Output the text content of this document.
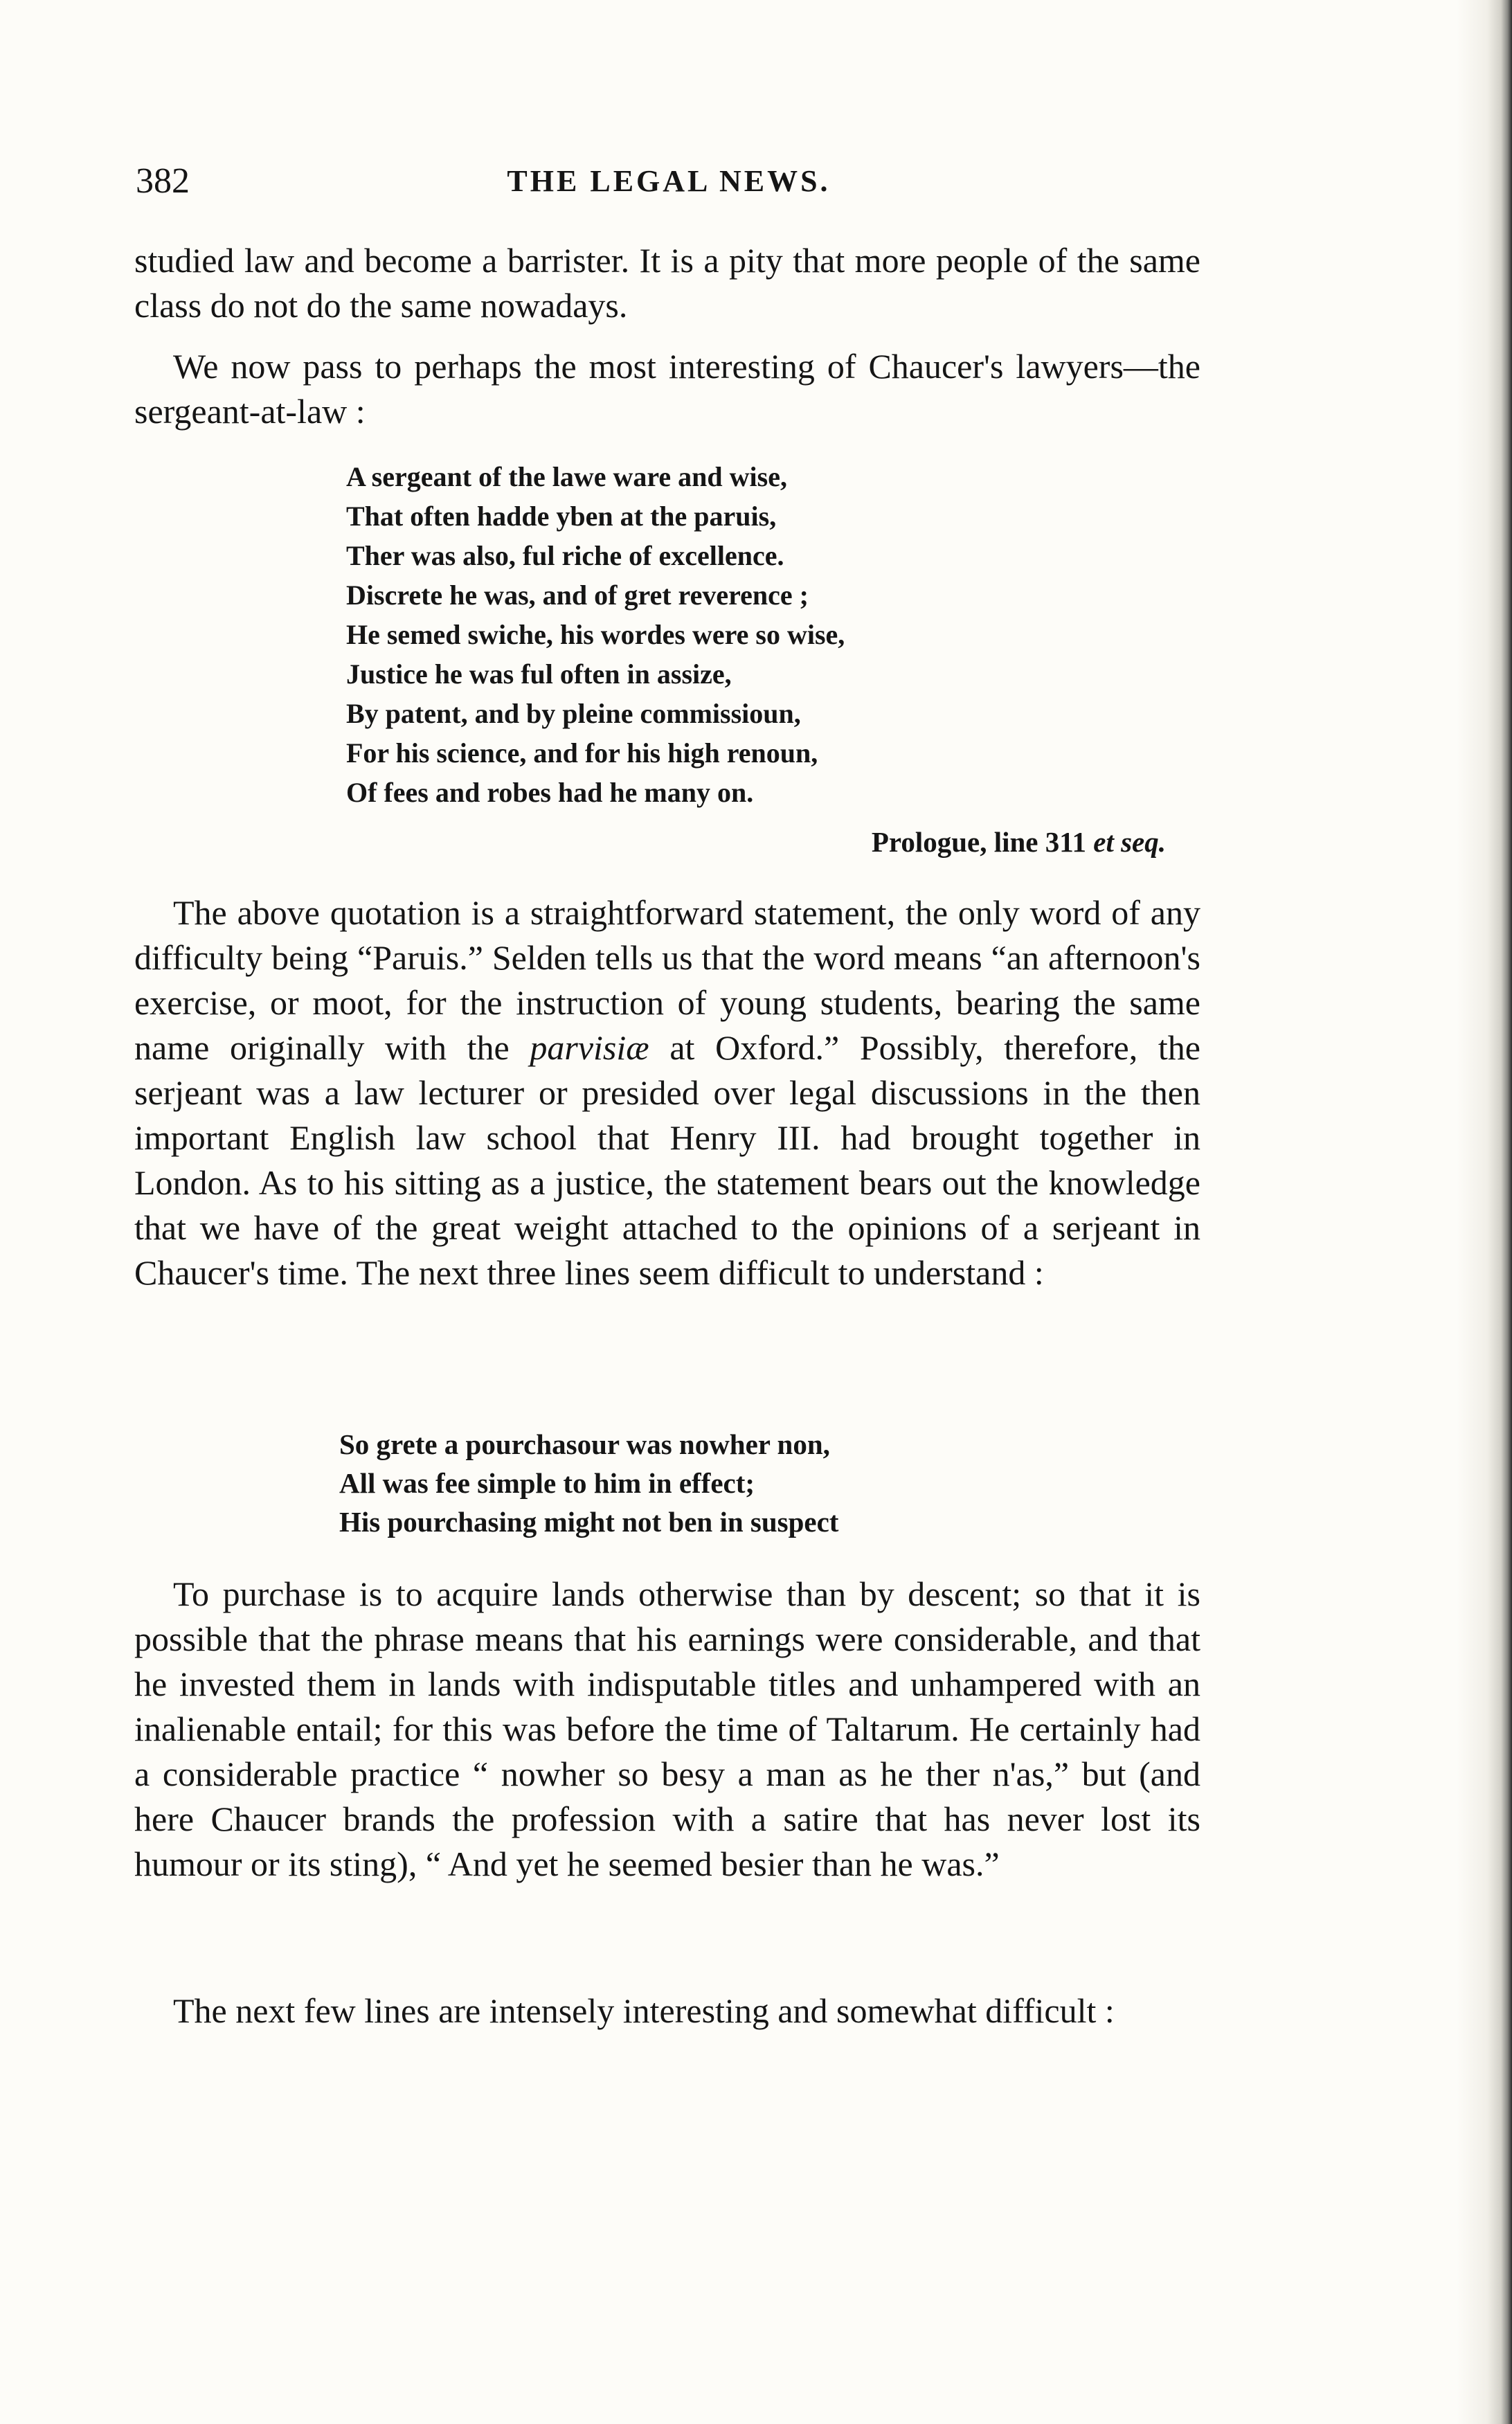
382	THE LEGAL NEWS.

studied law and become a barrister. It is a pity that more people of the same class do not do the same nowadays.

We now pass to perhaps the most interesting of Chaucer's lawyers—the sergeant-at-law :

A sergeant of the lawe ware and wise,
That often hadde yben at the paruis,
Ther was also, ful riche of excellence.
Discrete he was, and of gret reverence ;
He semed swiche, his wordes were so wise,
Justice he was ful often in assize,
By patent, and by pleine commissioun,
For his science, and for his high renoun,
Of fees and robes had he many on.
Prologue, line 311 et seq.

The above quotation is a straightforward statement, the only word of any difficulty being “Paruis.” Selden tells us that the word means “an afternoon's exercise, or moot, for the instruction of young students, bearing the same name originally with the parvisiæ at Oxford.” Possibly, therefore, the serjeant was a law lecturer or presided over legal discussions in the then important English law school that Henry III. had brought together in London. As to his sitting as a justice, the statement bears out the knowledge that we have of the great weight attached to the opinions of a serjeant in Chaucer's time. The next three lines seem difficult to understand :

So grete a pourchasour was nowher non,
All was fee simple to him in effect;
His pourchasing might not ben in suspect

To purchase is to acquire lands otherwise than by descent; so that it is possible that the phrase means that his earnings were considerable, and that he invested them in lands with indisputable titles and unhampered with an inalienable entail; for this was before the time of Taltarum. He certainly had a considerable practice “ nowher so besy a man as he ther n'as,” but (and here Chaucer brands the profession with a satire that has never lost its humour or its sting), “ And yet he seemed besier than he was.”

The next few lines are intensely interesting and somewhat difficult :
